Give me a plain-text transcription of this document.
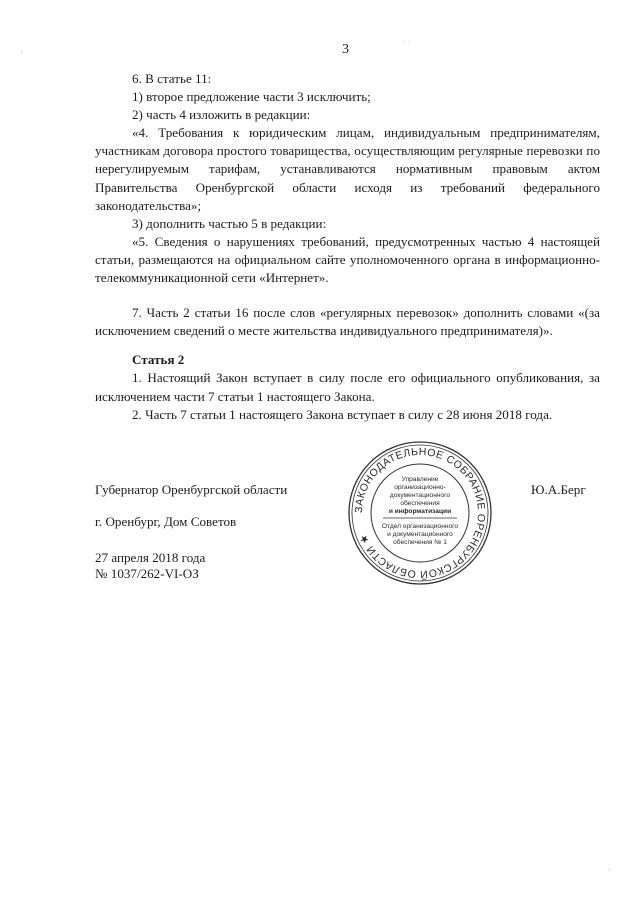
3

6. В статье 11:

1) второе предложение части 3 исключить;

2) часть 4 изложить в редакции:

«4. Требования к юридическим лицам, индивидуальным предпринимателям, участникам договора простого товарищества, осуществляющим регулярные перевозки по нерегулируемым тарифам, устанавливаются нормативным правовым актом Правительства Оренбургской области исходя из требований федерального законодательства»;

3) дополнить частью 5 в редакции:

«5. Сведения о нарушениях требований, предусмотренных частью 4 настоящей статьи, размещаются на официальном сайте уполномоченного органа в информационно-телекоммуникационной сети «Интернет».

7. Часть 2 статьи 16 после слов «регулярных перевозок» дополнить словами «(за исключением сведений о месте жительства индивидуального предпринимателя)».

Статья 2

1. Настоящий Закон вступает в силу после его официального опубликования, за исключением части 7 статьи 1 настоящего Закона.

2. Часть 7 статьи 1 настоящего Закона вступает в силу с 28 июня 2018 года.

Губернатор Оренбургской области	Ю.А.Берг
г. Оренбург, Дом Советов
27 апреля 2018 года
№ 1037/262-VI-ОЗ
ЗАКОНОДАТЕЛЬНОЕ СОБРАНИЕ ОРЕНБУРГСКОЙ ОБЛАСТИ ★
Управление
организационно-
документационного
обеспечения
и информатизации
Отдел организационного
и документационного
обеспечения № 1
·
˙ ˙
·
